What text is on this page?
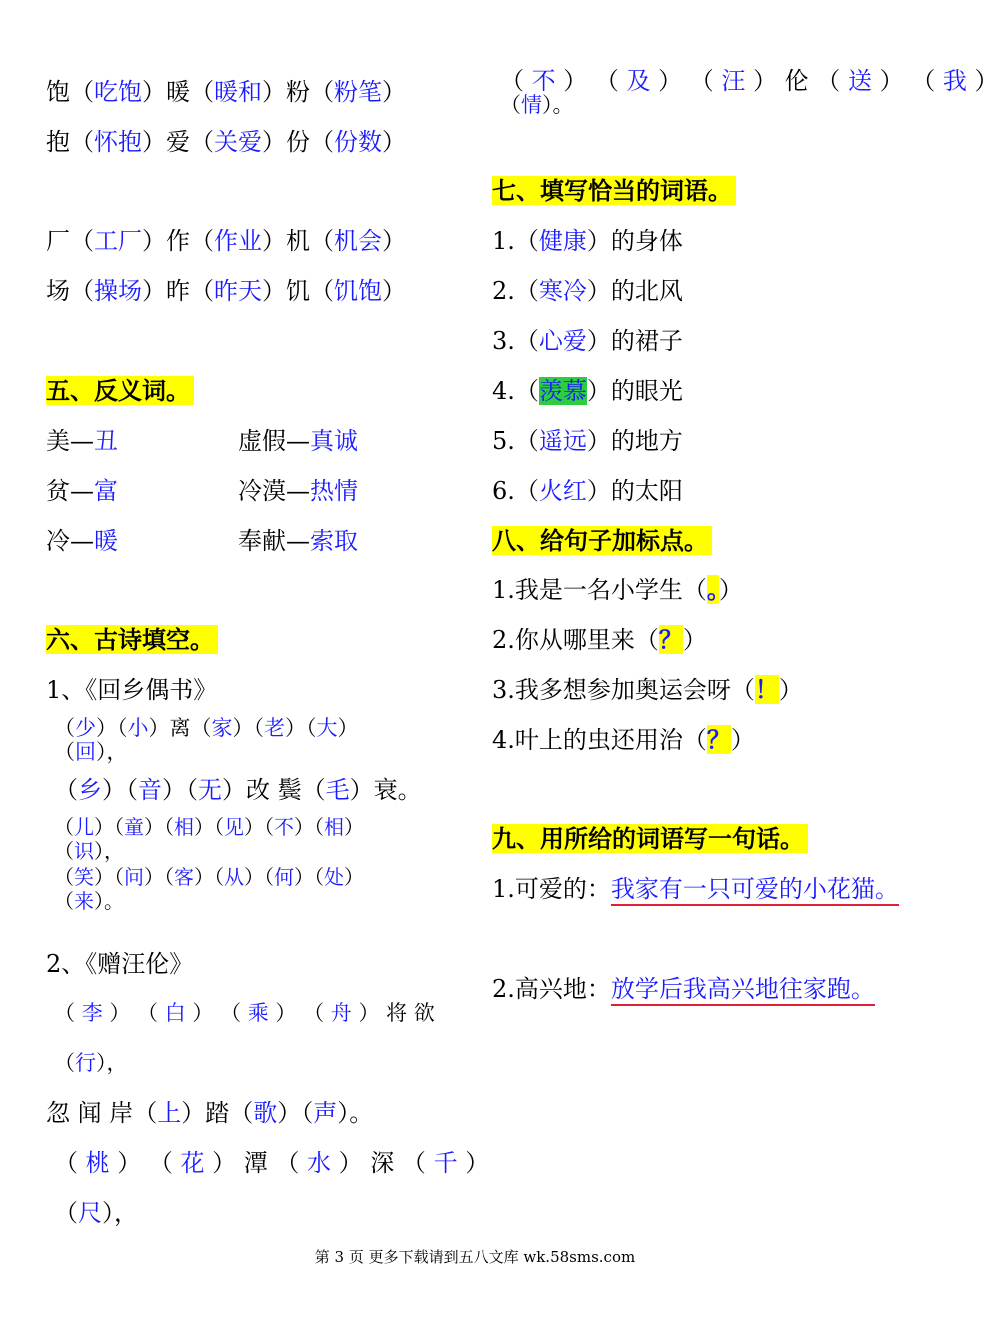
饱（吃饱）暖（暖和）粉（粉笔）
抱（怀抱）爱（关爱）份（份数）
厂（工厂）作（作业）机（机会）
场（操场）昨（昨天）饥（饥饱）
五、反义词。
美—丑	虚假—真诚
贫—富	冷漠—热情
冷—暖	奉献—索取
六、古诗填空。
1、《回乡偶书》
（少）（小）离（家）（老）（大）
（回），
（乡）（音）（无）改 鬓（毛）衰。
（儿）（童）（相）（见）（不）（相）
（识），
（笑）（问）（客）（从）（何）（处）
（来）。
2、《赠汪伦》
（ 李 ） （ 白 ） （ 乘 ） （ 舟 ） 将 欲
（行），
忽 闻 岸（上）踏（歌）（声）。
（ 桃 ） （ 花 ） 潭 （ 水 ） 深 （ 千 ）
（尺），
（ 不 ） （ 及 ） （ 汪 ） 伦 （ 送 ） （ 我 ）
（情）。
七、填写恰当的词语。
1.（健康）的身体
2.（寒冷）的北风
3.（心爱）的裙子
4.（羡慕）的眼光
5.（遥远）的地方
6.（火红）的太阳
八、给句子加标点。
1.我是一名小学生（。）
2.你从哪里来（？）
3.我多想参加奥运会呀（！）
4.叶上的虫还用治（？）
九、用所给的词语写一句话。
1.可爱的：我家有一只可爱的小花猫。
2.高兴地：放学后我高兴地往家跑。
第 3 页 更多下载请到五八文库 wk.58sms.com
